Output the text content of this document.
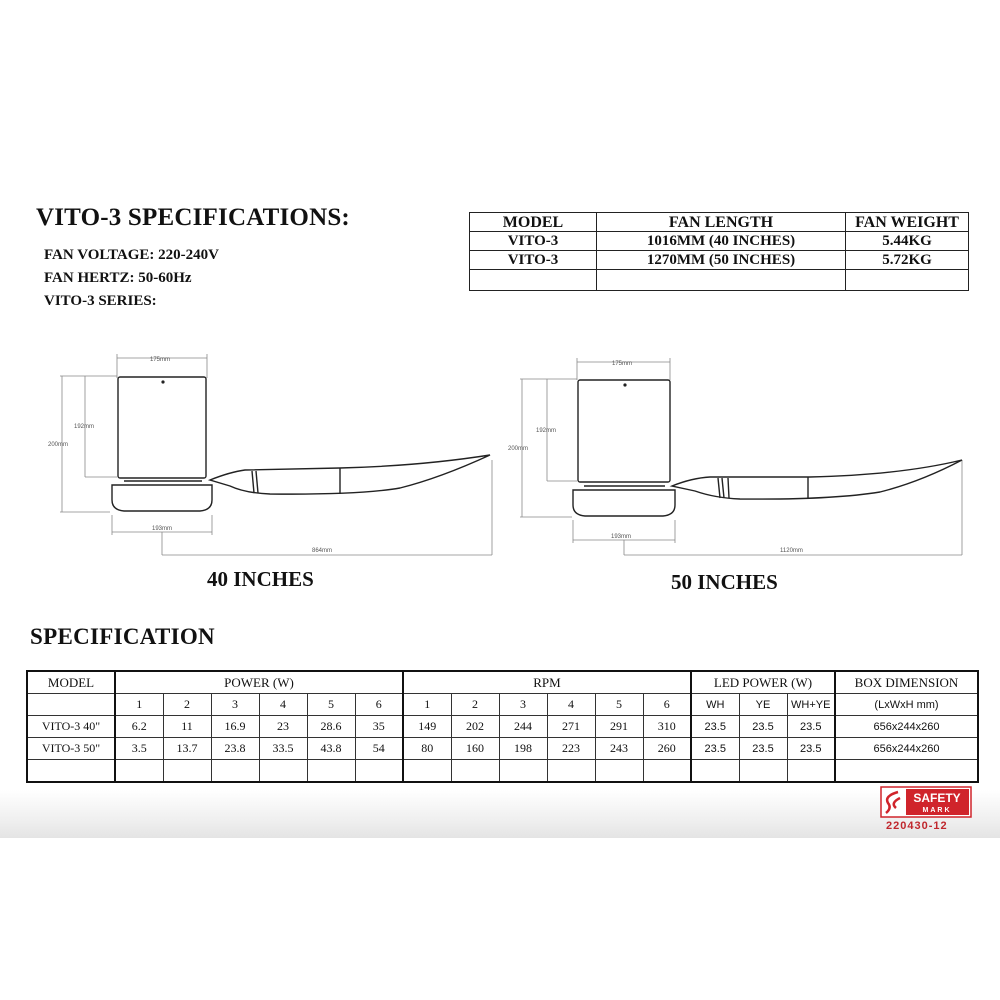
VITO-3 SPECIFICATIONS:
FAN VOLTAGE: 220-240V
FAN HERTZ: 50-60Hz
VITO-3 SERIES:
MODEL	FAN LENGTH	FAN WEIGHT
VITO-3	1016MM (40 INCHES)	5.44KG
VITO-3	1270MM (50 INCHES)	5.72KG

175mm
192mm
200mm
193mm
864mm
40 INCHES
175mm
192mm
200mm
193mm
1120mm
50 INCHES
SPECIFICATION
MODEL	POWER (W)						RPM						LED POWER (W)			BOX DIMENSION
	1	2	3	4	5	6	1	2	3	4	5	6	WH	YE	WH+YE	(LxWxH mm)
VITO-3 40"	6.2	11	16.9	23	28.6	35	149	202	244	271	291	310	23.5	23.5	23.5	656x244x260
VITO-3 50"	3.5	13.7	23.8	33.5	43.8	54	80	160	198	223	243	260	23.5	23.5	23.5	656x244x260

SAFETY
MARK
220430-12
